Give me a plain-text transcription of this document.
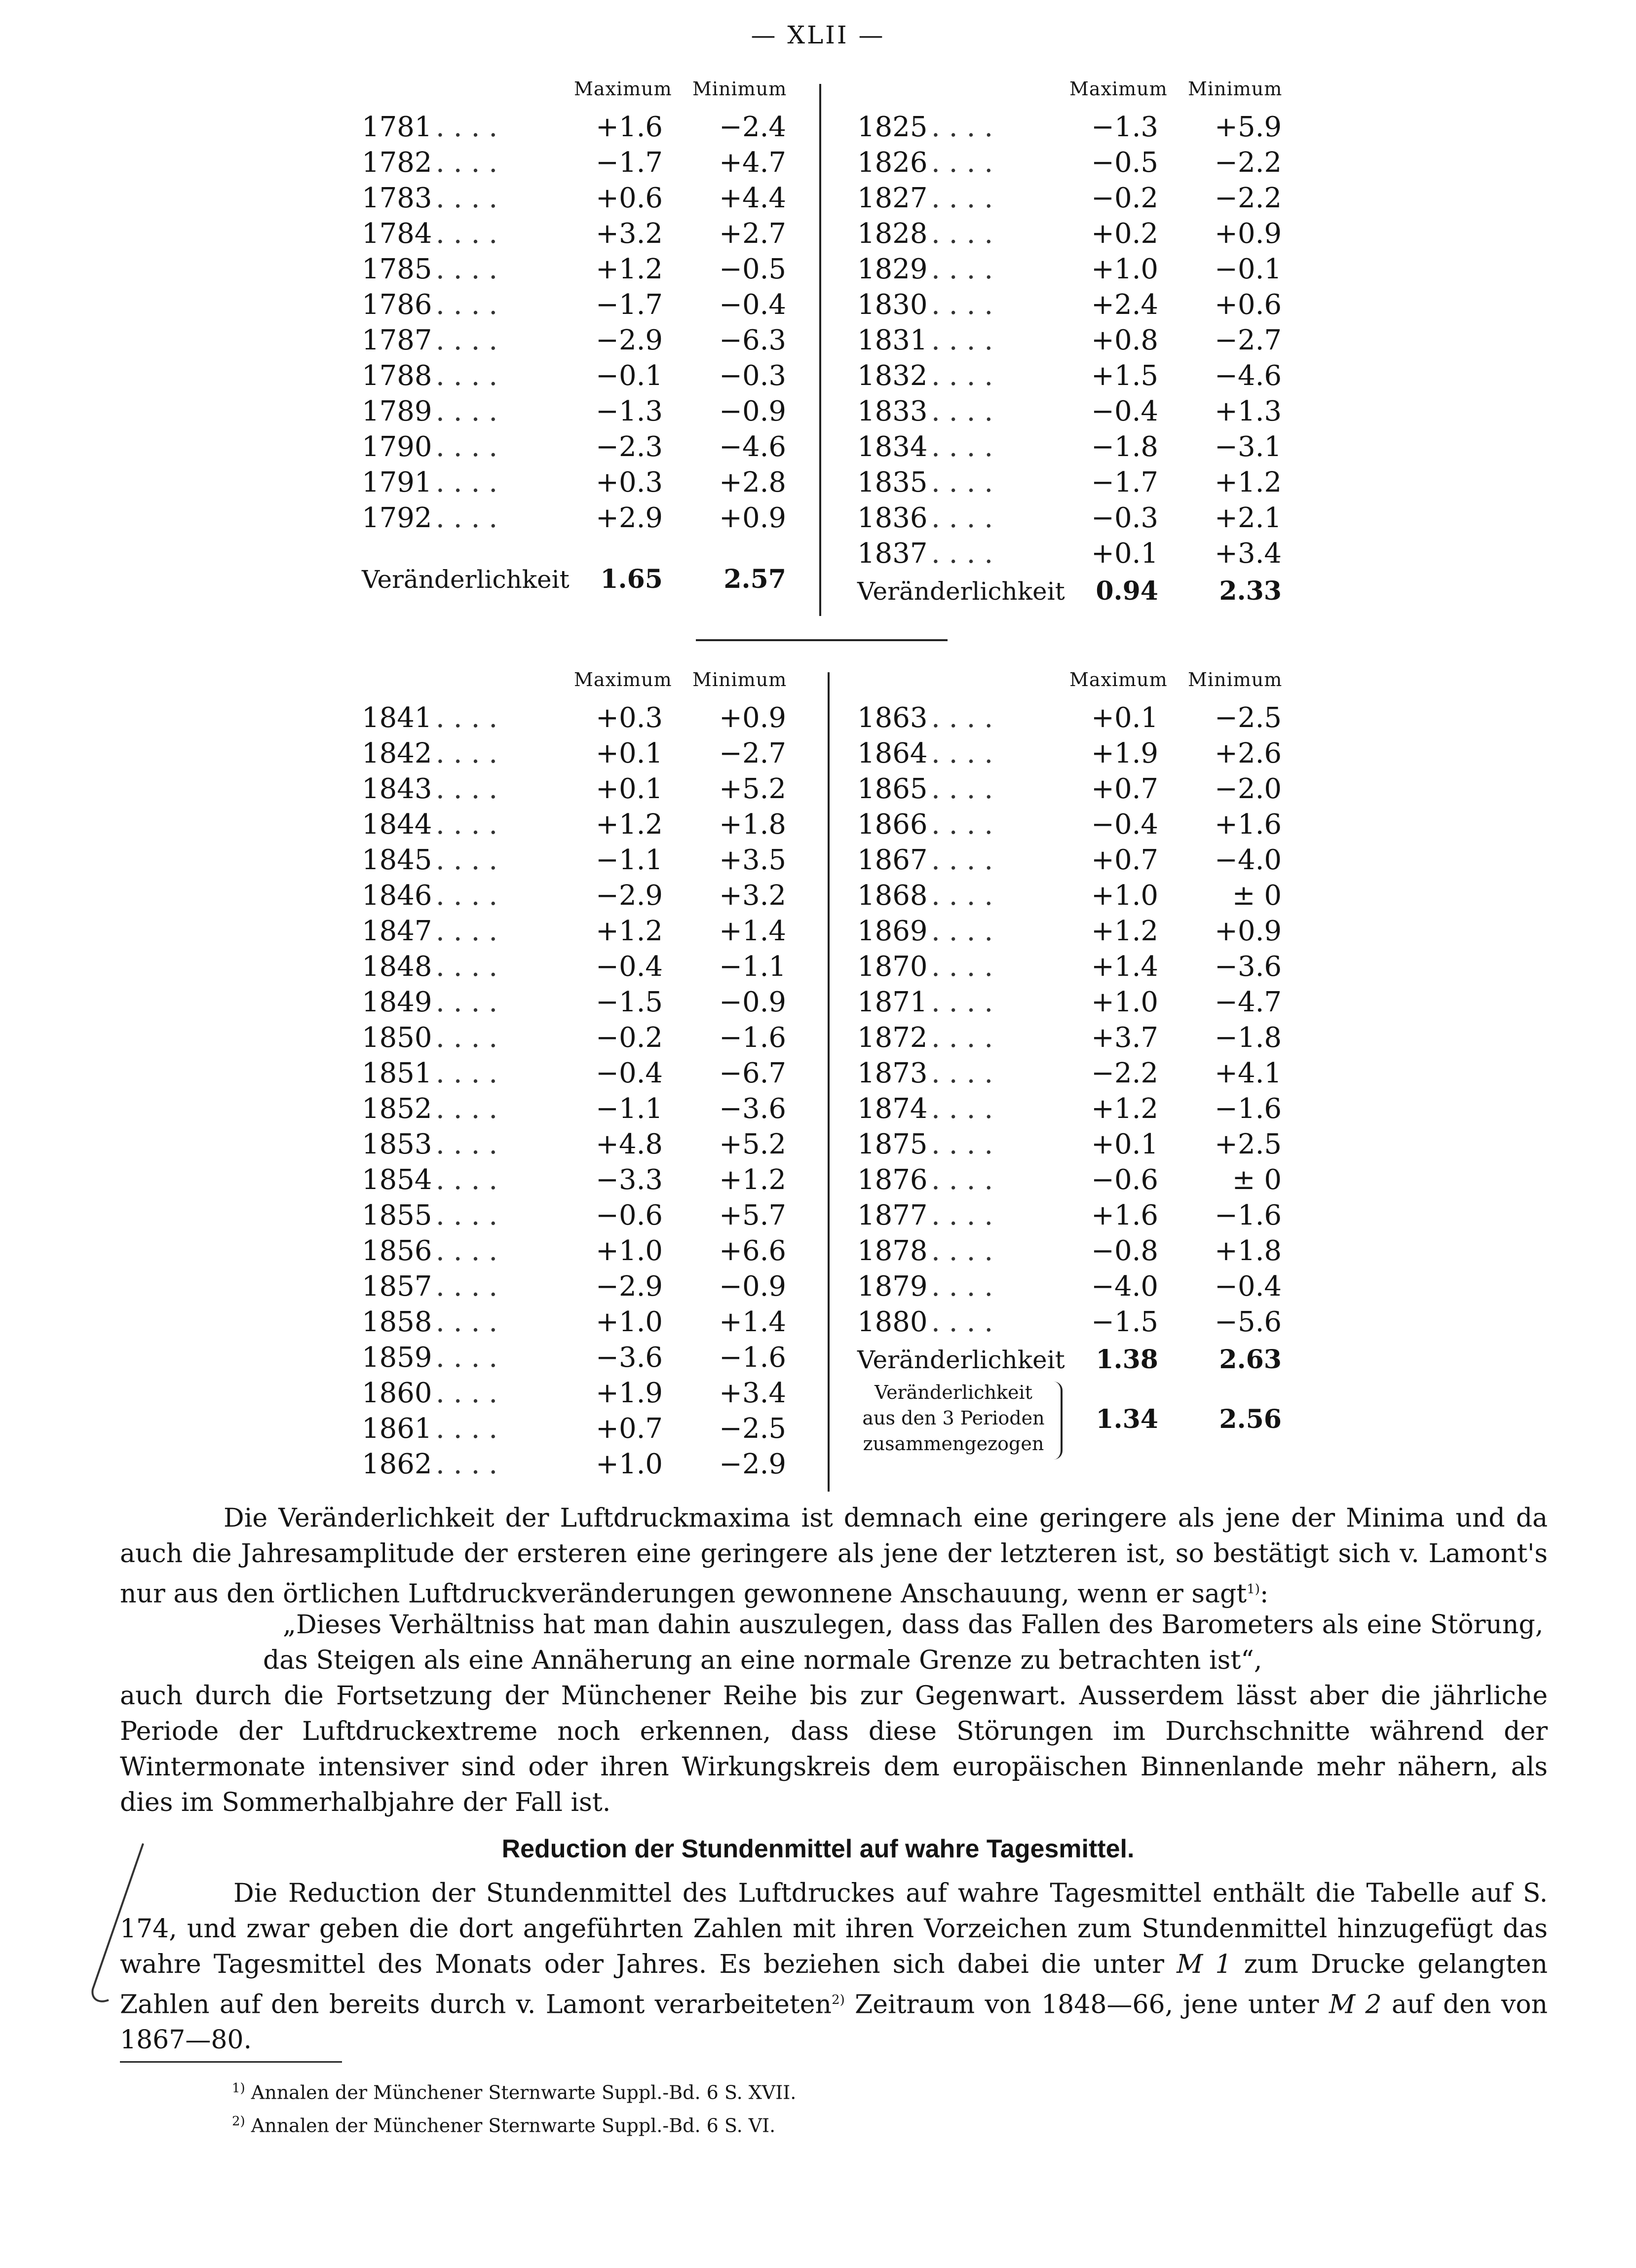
— XLII —
Maximum Minimum
1781 ....	+1.6	−2.4
1782 ....	−1.7	+4.7
1783 ....	+0.6	+4.4
1784 ....	+3.2	+2.7
1785 ....	+1.2	−0.5
1786 ....	−1.7	−0.4
1787 ....	−2.9	−6.3
1788 ....	−0.1	−0.3
1789 ....	−1.3	−0.9
1790 ....	−2.3	−4.6
1791 ....	+0.3	+2.8
1792 ....	+2.9	+0.9
Veränderlichkeit	1.65	2.57
Maximum Minimum
1825 ....	−1.3	+5.9
1826 ....	−0.5	−2.2
1827 ....	−0.2	−2.2
1828 ....	+0.2	+0.9
1829 ....	+1.0	−0.1
1830 ....	+2.4	+0.6
1831 ....	+0.8	−2.7
1832 ....	+1.5	−4.6
1833 ....	−0.4	+1.3
1834 ....	−1.8	−3.1
1835 ....	−1.7	+1.2
1836 ....	−0.3	+2.1
1837 ....	+0.1	+3.4
Veränderlichkeit	0.94	2.33
Maximum Minimum
1841 ....	+0.3	+0.9
1842 ....	+0.1	−2.7
1843 ....	+0.1	+5.2
1844 ....	+1.2	+1.8
1845 ....	−1.1	+3.5
1846 ....	−2.9	+3.2
1847 ....	+1.2	+1.4
1848 ....	−0.4	−1.1
1849 ....	−1.5	−0.9
1850 ....	−0.2	−1.6
1851 ....	−0.4	−6.7
1852 ....	−1.1	−3.6
1853 ....	+4.8	+5.2
1854 ....	−3.3	+1.2
1855 ....	−0.6	+5.7
1856 ....	+1.0	+6.6
1857 ....	−2.9	−0.9
1858 ....	+1.0	+1.4
1859 ....	−3.6	−1.6
1860 ....	+1.9	+3.4
1861 ....	+0.7	−2.5
1862 ....	+1.0	−2.9
Maximum Minimum
1863 ....	+0.1	−2.5
1864 ....	+1.9	+2.6
1865 ....	+0.7	−2.0
1866 ....	−0.4	+1.6
1867 ....	+0.7	−4.0
1868 ....	+1.0	± 0
1869 ....	+1.2	+0.9
1870 ....	+1.4	−3.6
1871 ....	+1.0	−4.7
1872 ....	+3.7	−1.8
1873 ....	−2.2	+4.1
1874 ....	+1.2	−1.6
1875 ....	+0.1	+2.5
1876 ....	−0.6	± 0
1877 ....	+1.6	−1.6
1878 ....	−0.8	+1.8
1879 ....	−4.0	−0.4
1880 ....	−1.5	−5.6
Veränderlichkeit	1.38	2.63
Veränderlichkeit
aus den 3 Perioden
zusammengezogen
1.34	2.56

Die Veränderlichkeit der Luftdruckmaxima ist demnach eine geringere als jene der Minima und da auch die Jahresamplitude der ersteren eine geringere als jene der letzteren ist, so bestätigt sich v. Lamont's nur aus den örtlichen Luftdruckveränderungen gewonnene Anschauung, wenn er sagt$^{1)}$:

„Dieses Verhältniss hat man dahin auszulegen, dass das Fallen des Barometers als eine Störung,

das Steigen als eine Annäherung an eine normale Grenze zu betrachten ist“,

auch durch die Fortsetzung der Münchener Reihe bis zur Gegenwart. Ausserdem lässt aber die jährliche Periode der Luftdruckextreme noch erkennen, dass diese Störungen im Durchschnitte während der Wintermonate intensiver sind oder ihren Wirkungskreis dem europäischen Binnenlande mehr nähern, als dies im Sommerhalbjahre der Fall ist.

Reduction der Stundenmittel auf wahre Tagesmittel.

Die Reduction der Stundenmittel des Luftdruckes auf wahre Tagesmittel enthält die Tabelle auf S. 174, und zwar geben die dort angeführten Zahlen mit ihren Vorzeichen zum Stundenmittel hinzugefügt das wahre Tagesmittel des Monats oder Jahres. Es beziehen sich dabei die unter M 1 zum Drucke gelangten Zahlen auf den bereits durch v. Lamont verarbeiteten$^{2)}$ Zeitraum von 1848—66, jene unter M 2 auf den von 1867—80.

$^{1)}$ Annalen der Münchener Sternwarte Suppl.-Bd. 6 S. XVII.
$^{2)}$ Annalen der Münchener Sternwarte Suppl.-Bd. 6 S. VI.
